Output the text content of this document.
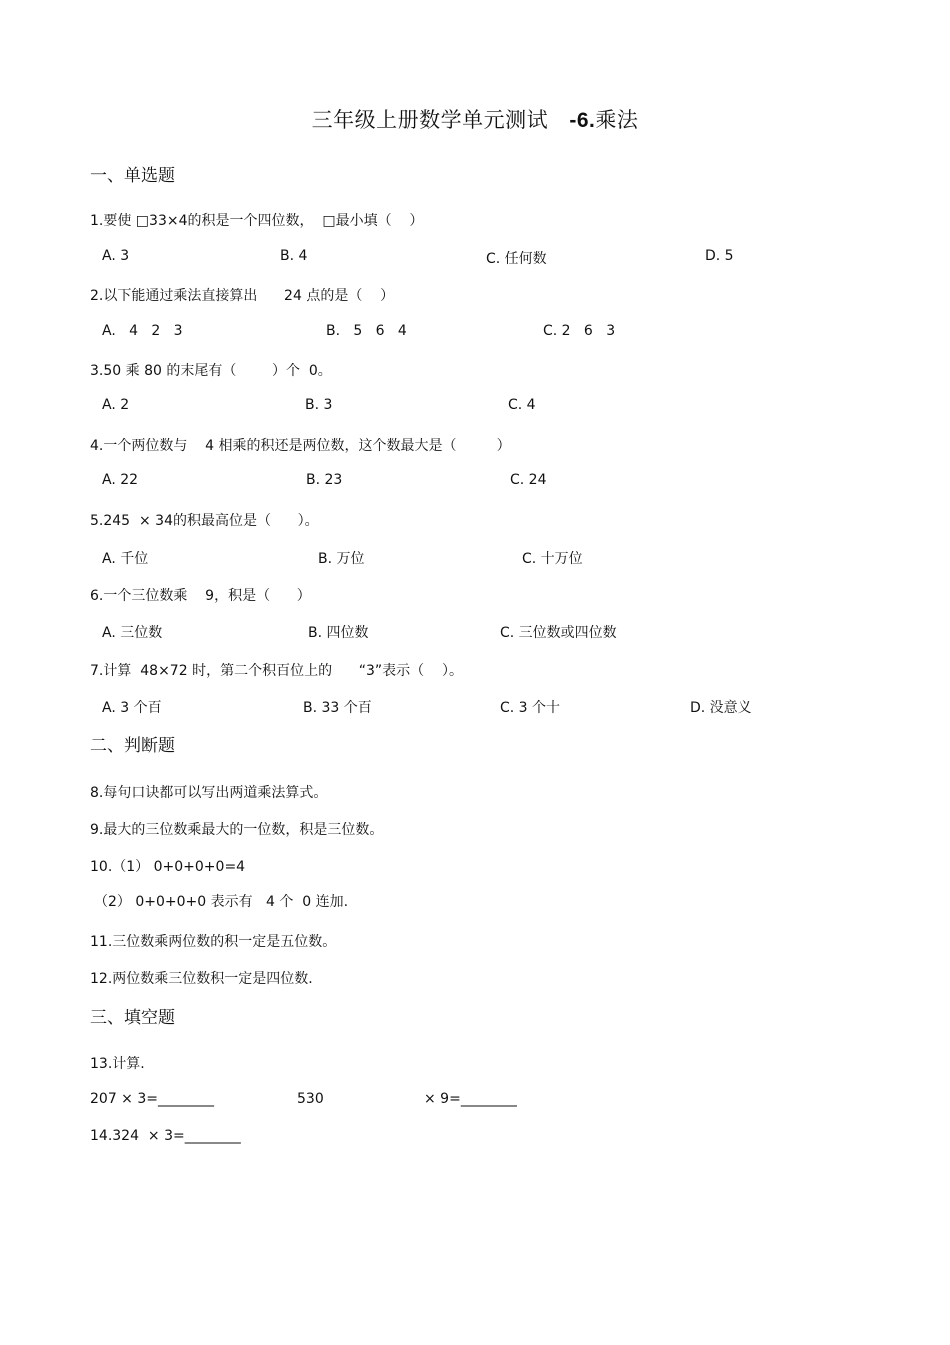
三年级上册数学单元测试 -6.乘法
一、单选题
1.要使 □33×4的积是一个四位数，  □最小填（    ）
A. 3	B. 4	C. 任何数	D. 5
2.以下能通过乘法直接算出      24 点的是（    ）
A.   4   2   3	B.   5   6   4	C. 2   6   3
3.50 乘 80 的末尾有（        ）个  0。
A. 2	B. 3	C. 4
4.一个两位数与    4 相乘的积还是两位数，这个数最大是（         ）
A. 22	B. 23	C. 24
5.245  × 34的积最高位是（      ）。
A. 千位	B. 万位	C. 十万位
6.一个三位数乘    9，积是（      ）
A. 三位数	B. 四位数	C. 三位数或四位数
7.计算  48×72 时，第二个积百位上的      “3”表示（    ）。
A. 3 个百	B. 33 个百	C. 3 个十	D. 没意义
二、判断题
8.每句口诀都可以写出两道乘法算式。
9.最大的三位数乘最大的一位数，积是三位数。
10.（1） 0+0+0+0=4
（2） 0+0+0+0 表示有   4 个  0 连加.
11.三位数乘两位数的积一定是五位数。
12.两位数乘三位数积一定是四位数.
三、填空题
13.计算.
207 × 3=________	530	× 9=________
14.324  × 3=________
